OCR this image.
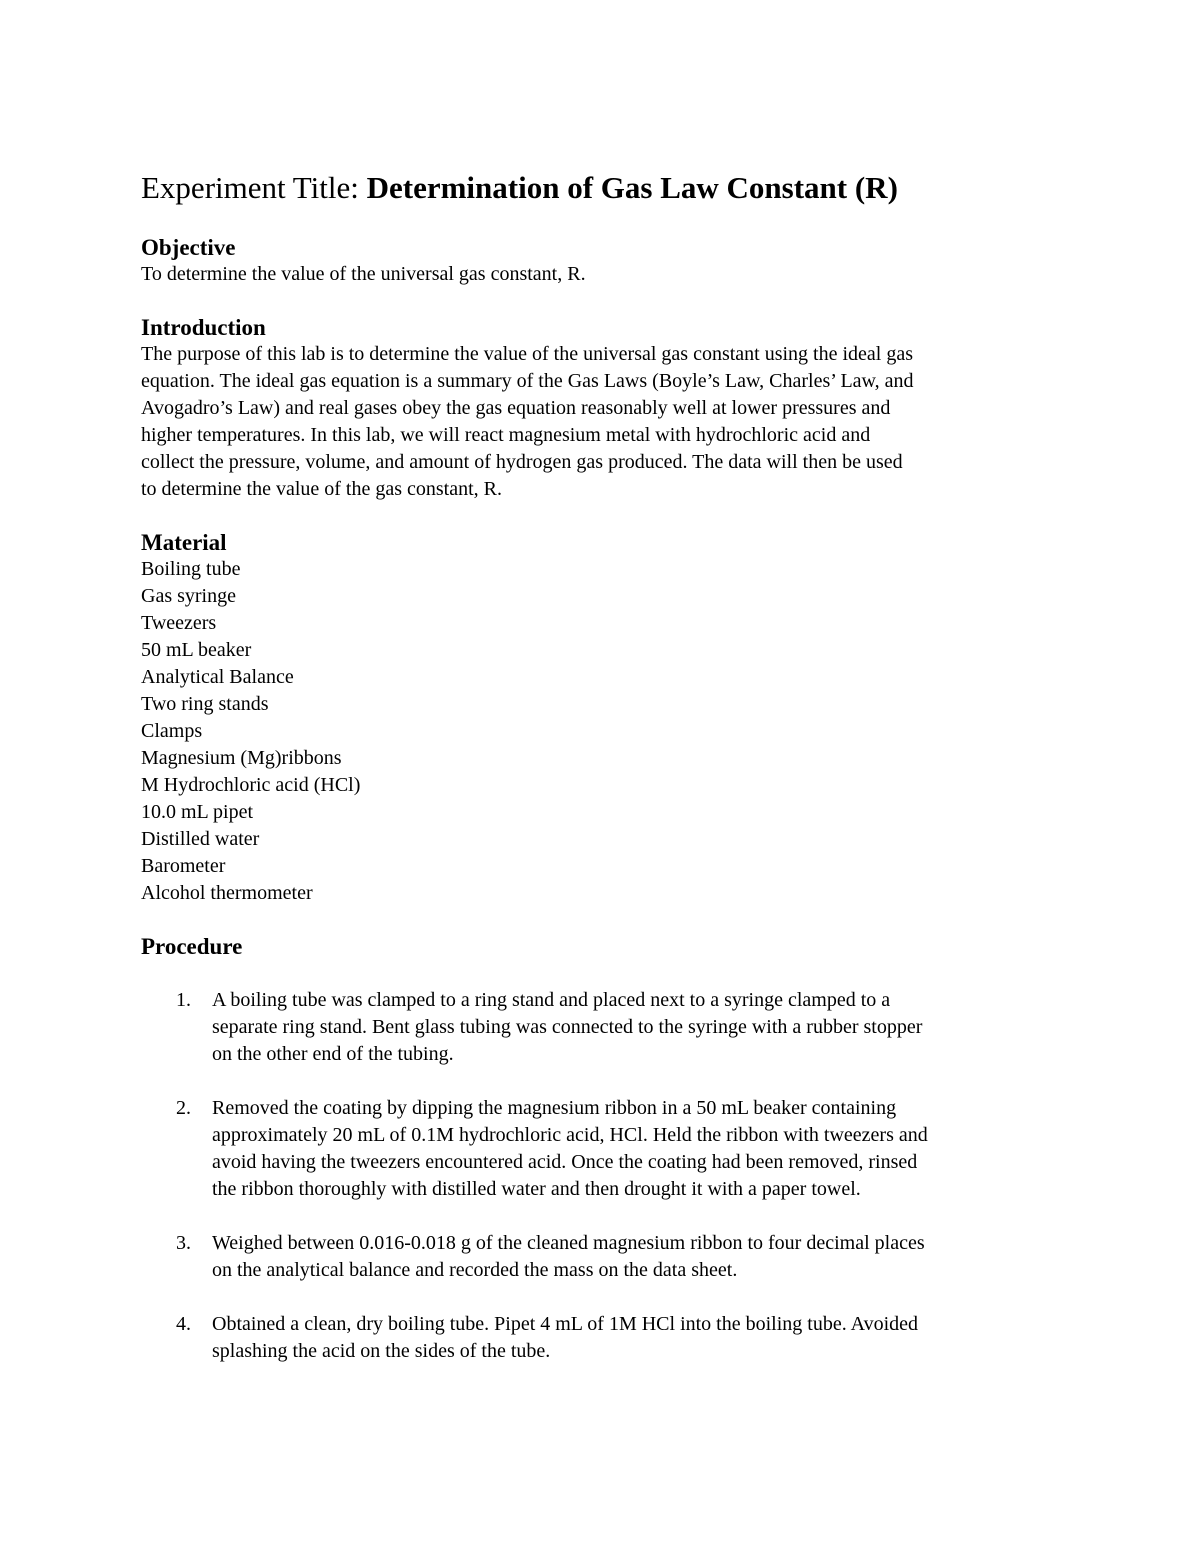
Experiment Title: Determination of Gas Law Constant (R)
Objective

To determine the value of the universal gas constant, R.

Introduction
The purpose of this lab is to determine the value of the universal gas constant using the ideal gas
equation. The ideal gas equation is a summary of the Gas Laws (Boyle’s Law, Charles’ Law, and
Avogadro’s Law) and real gases obey the gas equation reasonably well at lower pressures and
higher temperatures. In this lab, we will react magnesium metal with hydrochloric acid and
collect the pressure, volume, and amount of hydrogen gas produced. The data will then be used
to determine the value of the gas constant, R.
Material
Boiling tube
Gas syringe
Tweezers
50 mL beaker
Analytical Balance
Two ring stands
Clamps
Magnesium (Mg)ribbons
M Hydrochloric acid (HCl)
10.0 mL pipet
Distilled water
Barometer
Alcohol thermometer
Procedure
1. A boiling tube was clamped to a ring stand and placed next to a syringe clamped to a
separate ring stand. Bent glass tubing was connected to the syringe with a rubber stopper
on the other end of the tubing.
2. Removed the coating by dipping the magnesium ribbon in a 50 mL beaker containing
approximately 20 mL of 0.1M hydrochloric acid, HCl. Held the ribbon with tweezers and
avoid having the tweezers encountered acid. Once the coating had been removed, rinsed
the ribbon thoroughly with distilled water and then drought it with a paper towel.
3. Weighed between 0.016-0.018 g of the cleaned magnesium ribbon to four decimal places
on the analytical balance and recorded the mass on the data sheet.
4. Obtained a clean, dry boiling tube. Pipet 4 mL of 1M HCl into the boiling tube. Avoided
splashing the acid on the sides of the tube.
